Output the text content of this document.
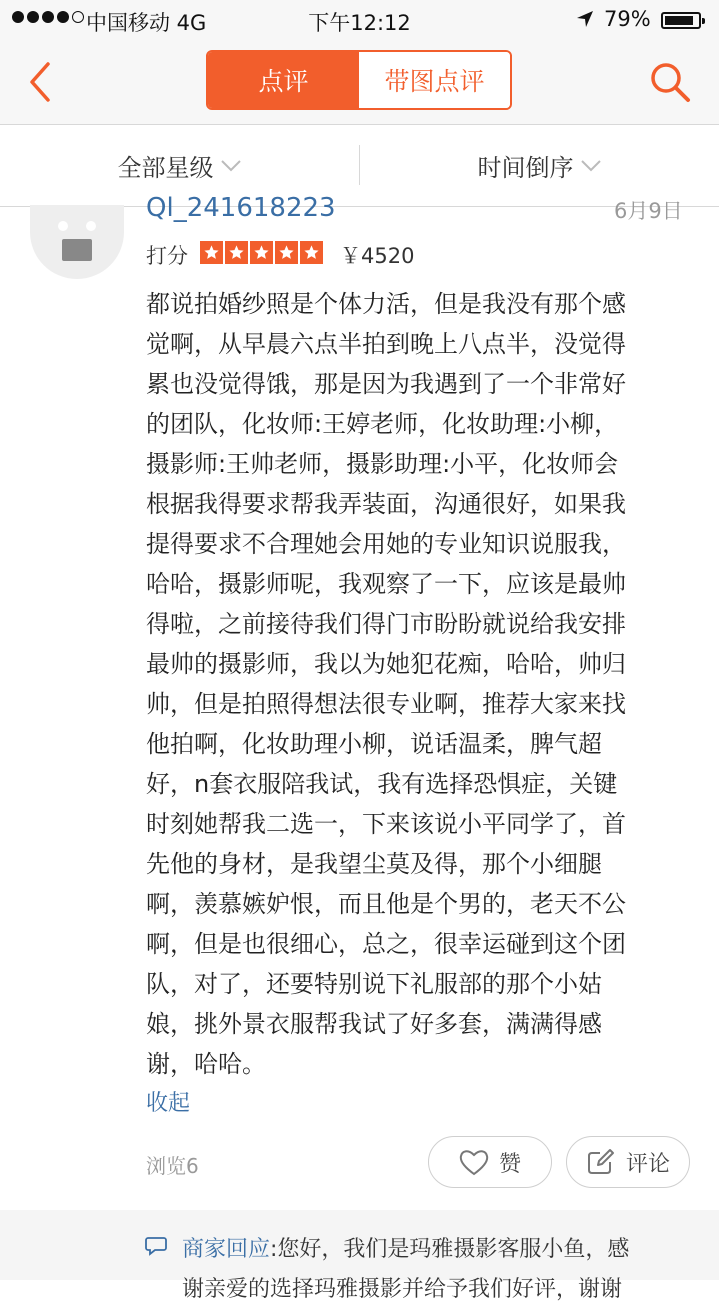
中国移动 4G	下午12:12	79%
点评	带图点评
全部星级	时间倒序
Ql_241618223	6月9日
打分	￥4520
都说拍婚纱照是个体力活，但是我没有那个感
觉啊，从早晨六点半拍到晚上八点半，没觉得
累也没觉得饿，那是因为我遇到了一个非常好
的团队，化妆师:王婷老师，化妆助理:小柳，
摄影师:王帅老师，摄影助理:小平，化妆师会
根据我得要求帮我弄装面，沟通很好，如果我
提得要求不合理她会用她的专业知识说服我，
哈哈，摄影师呢，我观察了一下，应该是最帅
得啦，之前接待我们得门市盼盼就说给我安排
最帅的摄影师，我以为她犯花痴，哈哈，帅归
帅，但是拍照得想法很专业啊，推荐大家来找
他拍啊，化妆助理小柳，说话温柔，脾气超
好，n套衣服陪我试，我有选择恐惧症，关键
时刻她帮我二选一，下来该说小平同学了，首
先他的身材，是我望尘莫及得，那个小细腿
啊，羡慕嫉妒恨，而且他是个男的，老天不公
啊，但是也很细心，总之，很幸运碰到这个团
队，对了，还要特别说下礼服部的那个小姑
娘，挑外景衣服帮我试了好多套，满满得感
谢，哈哈。
收起
浏览6	赞	评论
商家回应:您好，我们是玛雅摄影客服小鱼，感
谢亲爱的选择玛雅摄影并给予我们好评，谢谢
